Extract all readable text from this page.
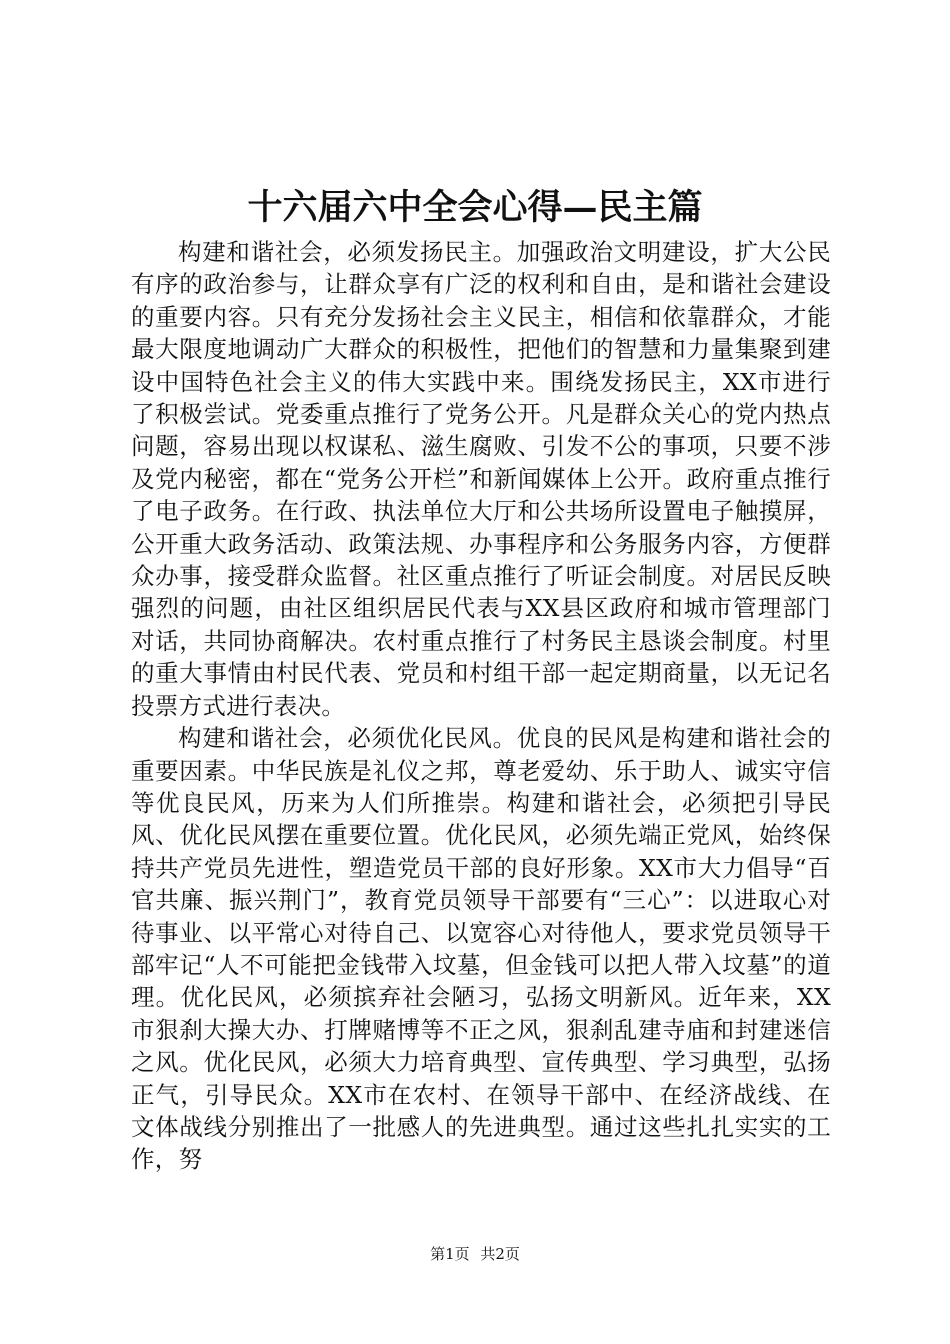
十六届六中全会心得—民主篇

构建和谐社会，必须发扬民主。加强政治文明建设，扩大公民有序的政治参与，让群众享有广泛的权利和自由，是和谐社会建设的重要内容。只有充分发扬社会主义民主，相信和依靠群众，才能最大限度地调动广大群众的积极性，把他们的智慧和力量集聚到建设中国特色社会主义的伟大实践中来。围绕发扬民主，XX市进行了积极尝试。党委重点推行了党务公开。凡是群众关心的党内热点问题，容易出现以权谋私、滋生腐败、引发不公的事项，只要不涉及党内秘密，都在“党务公开栏”和新闻媒体上公开。政府重点推行了电子政务。在行政、执法单位大厅和公共场所设置电子触摸屏，公开重大政务活动、政策法规、办事程序和公务服务内容，方便群众办事，接受群众监督。社区重点推行了听证会制度。对居民反映强烈的问题，由社区组织居民代表与XX县区政府和城市管理部门对话，共同协商解决。农村重点推行了村务民主恳谈会制度。村里的重大事情由村民代表、党员和村组干部一起定期商量，以无记名投票方式进行表决。

构建和谐社会，必须优化民风。优良的民风是构建和谐社会的重要因素。中华民族是礼仪之邦，尊老爱幼、乐于助人、诚实守信等优良民风，历来为人们所推崇。构建和谐社会，必须把引导民风、优化民风摆在重要位置。优化民风，必须先端正党风，始终保持共产党员先进性，塑造党员干部的良好形象。XX市大力倡导“百官共廉、振兴荆门”，教育党员领导干部要有“三心”：以进取心对待事业、以平常心对待自己、以宽容心对待他人，要求党员领导干部牢记“人不可能把金钱带入坟墓，但金钱可以把人带入坟墓”的道理。优化民风，必须摈弃社会陋习，弘扬文明新风。近年来，XX市狠刹大操大办、打牌赌博等不正之风，狠刹乱建寺庙和封建迷信之风。优化民风，必须大力培育典型、宣传典型、学习典型，弘扬正气，引导民众。XX市在农村、在领导干部中、在经济战线、在文体战线分别推出了一批感人的先进典型。通过这些扎扎实实的工作，努

第1页 共2页
